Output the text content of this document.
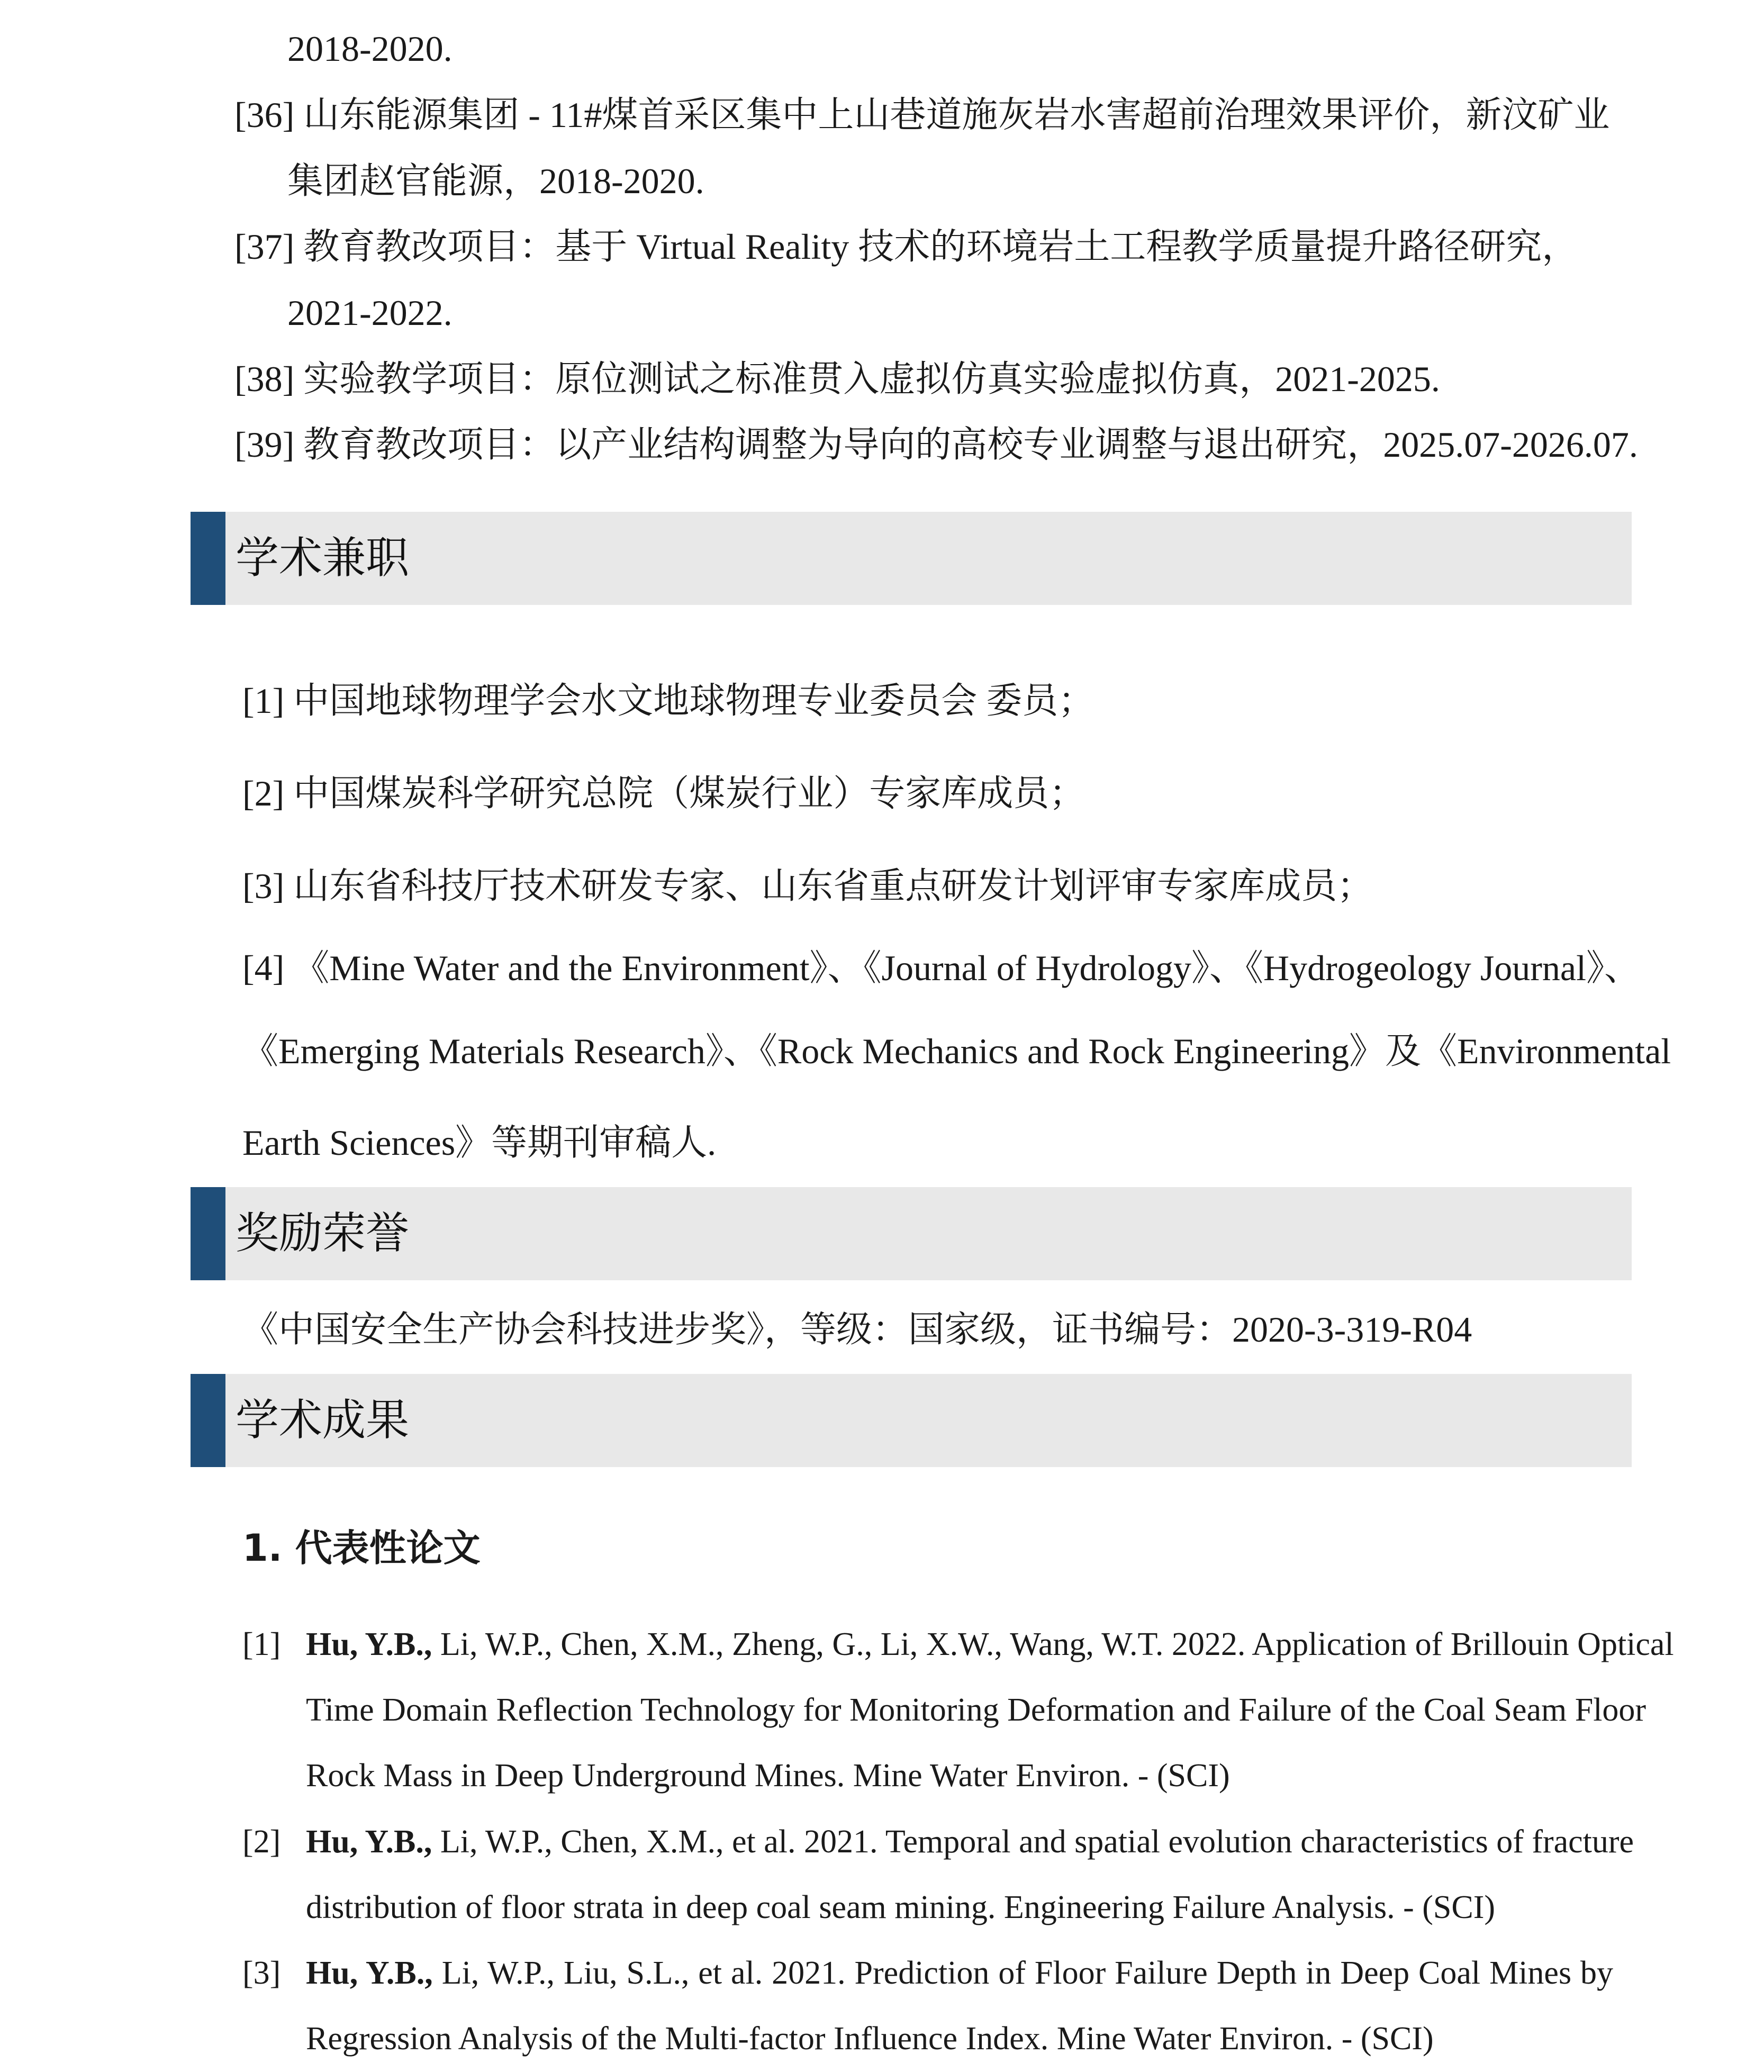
2018-2020.
[36] 山东能源集团 - 11#煤首采区集中上山巷道施灰岩水害超前治理效果评价，新汶矿业
集团赵官能源，2018-2020.
[37] 教育教改项目：基于 Virtual Reality 技术的环境岩土工程教学质量提升路径研究，
2021-2022.
[38] 实验教学项目：原位测试之标准贯入虚拟仿真实验虚拟仿真，2021-2025.
[39] 教育教改项目：以产业结构调整为导向的高校专业调整与退出研究，2025.07-2026.07.
学术兼职
[1] 中国地球物理学会水文地球物理专业委员会 委员；
[2] 中国煤炭科学研究总院（煤炭行业）专家库成员；
[3] 山东省科技厅技术研发专家、山东省重点研发计划评审专家库成员；
[4] 《Mine Water and the Environment》、《Journal of Hydrology》、《Hydrogeology Journal》、
《Emerging Materials Research》、《Rock Mechanics and Rock Engineering》及《Environmental
Earth Sciences》等期刊审稿人.
奖励荣誉
《中国安全生产协会科技进步奖》，等级：国家级，证书编号：2020-3-319-R04
学术成果
1. 代表性论文
[1] Hu, Y.B., Li, W.P., Chen, X.M., Zheng, G., Li, X.W., Wang, W.T. 2022. Application of Brillouin Optical
Time Domain Reflection Technology for Monitoring Deformation and Failure of the Coal Seam Floor
Rock Mass in Deep Underground Mines. Mine Water Environ. - (SCI)
[2] Hu, Y.B., Li, W.P., Chen, X.M., et al. 2021. Temporal and spatial evolution characteristics of fracture
distribution of floor strata in deep coal seam mining. Engineering Failure Analysis. - (SCI)
[3] Hu, Y.B., Li, W.P., Liu, S.L., et al. 2021. Prediction of Floor Failure Depth in Deep Coal Mines by
Regression Analysis of the Multi-factor Influence Index. Mine Water Environ. - (SCI)
